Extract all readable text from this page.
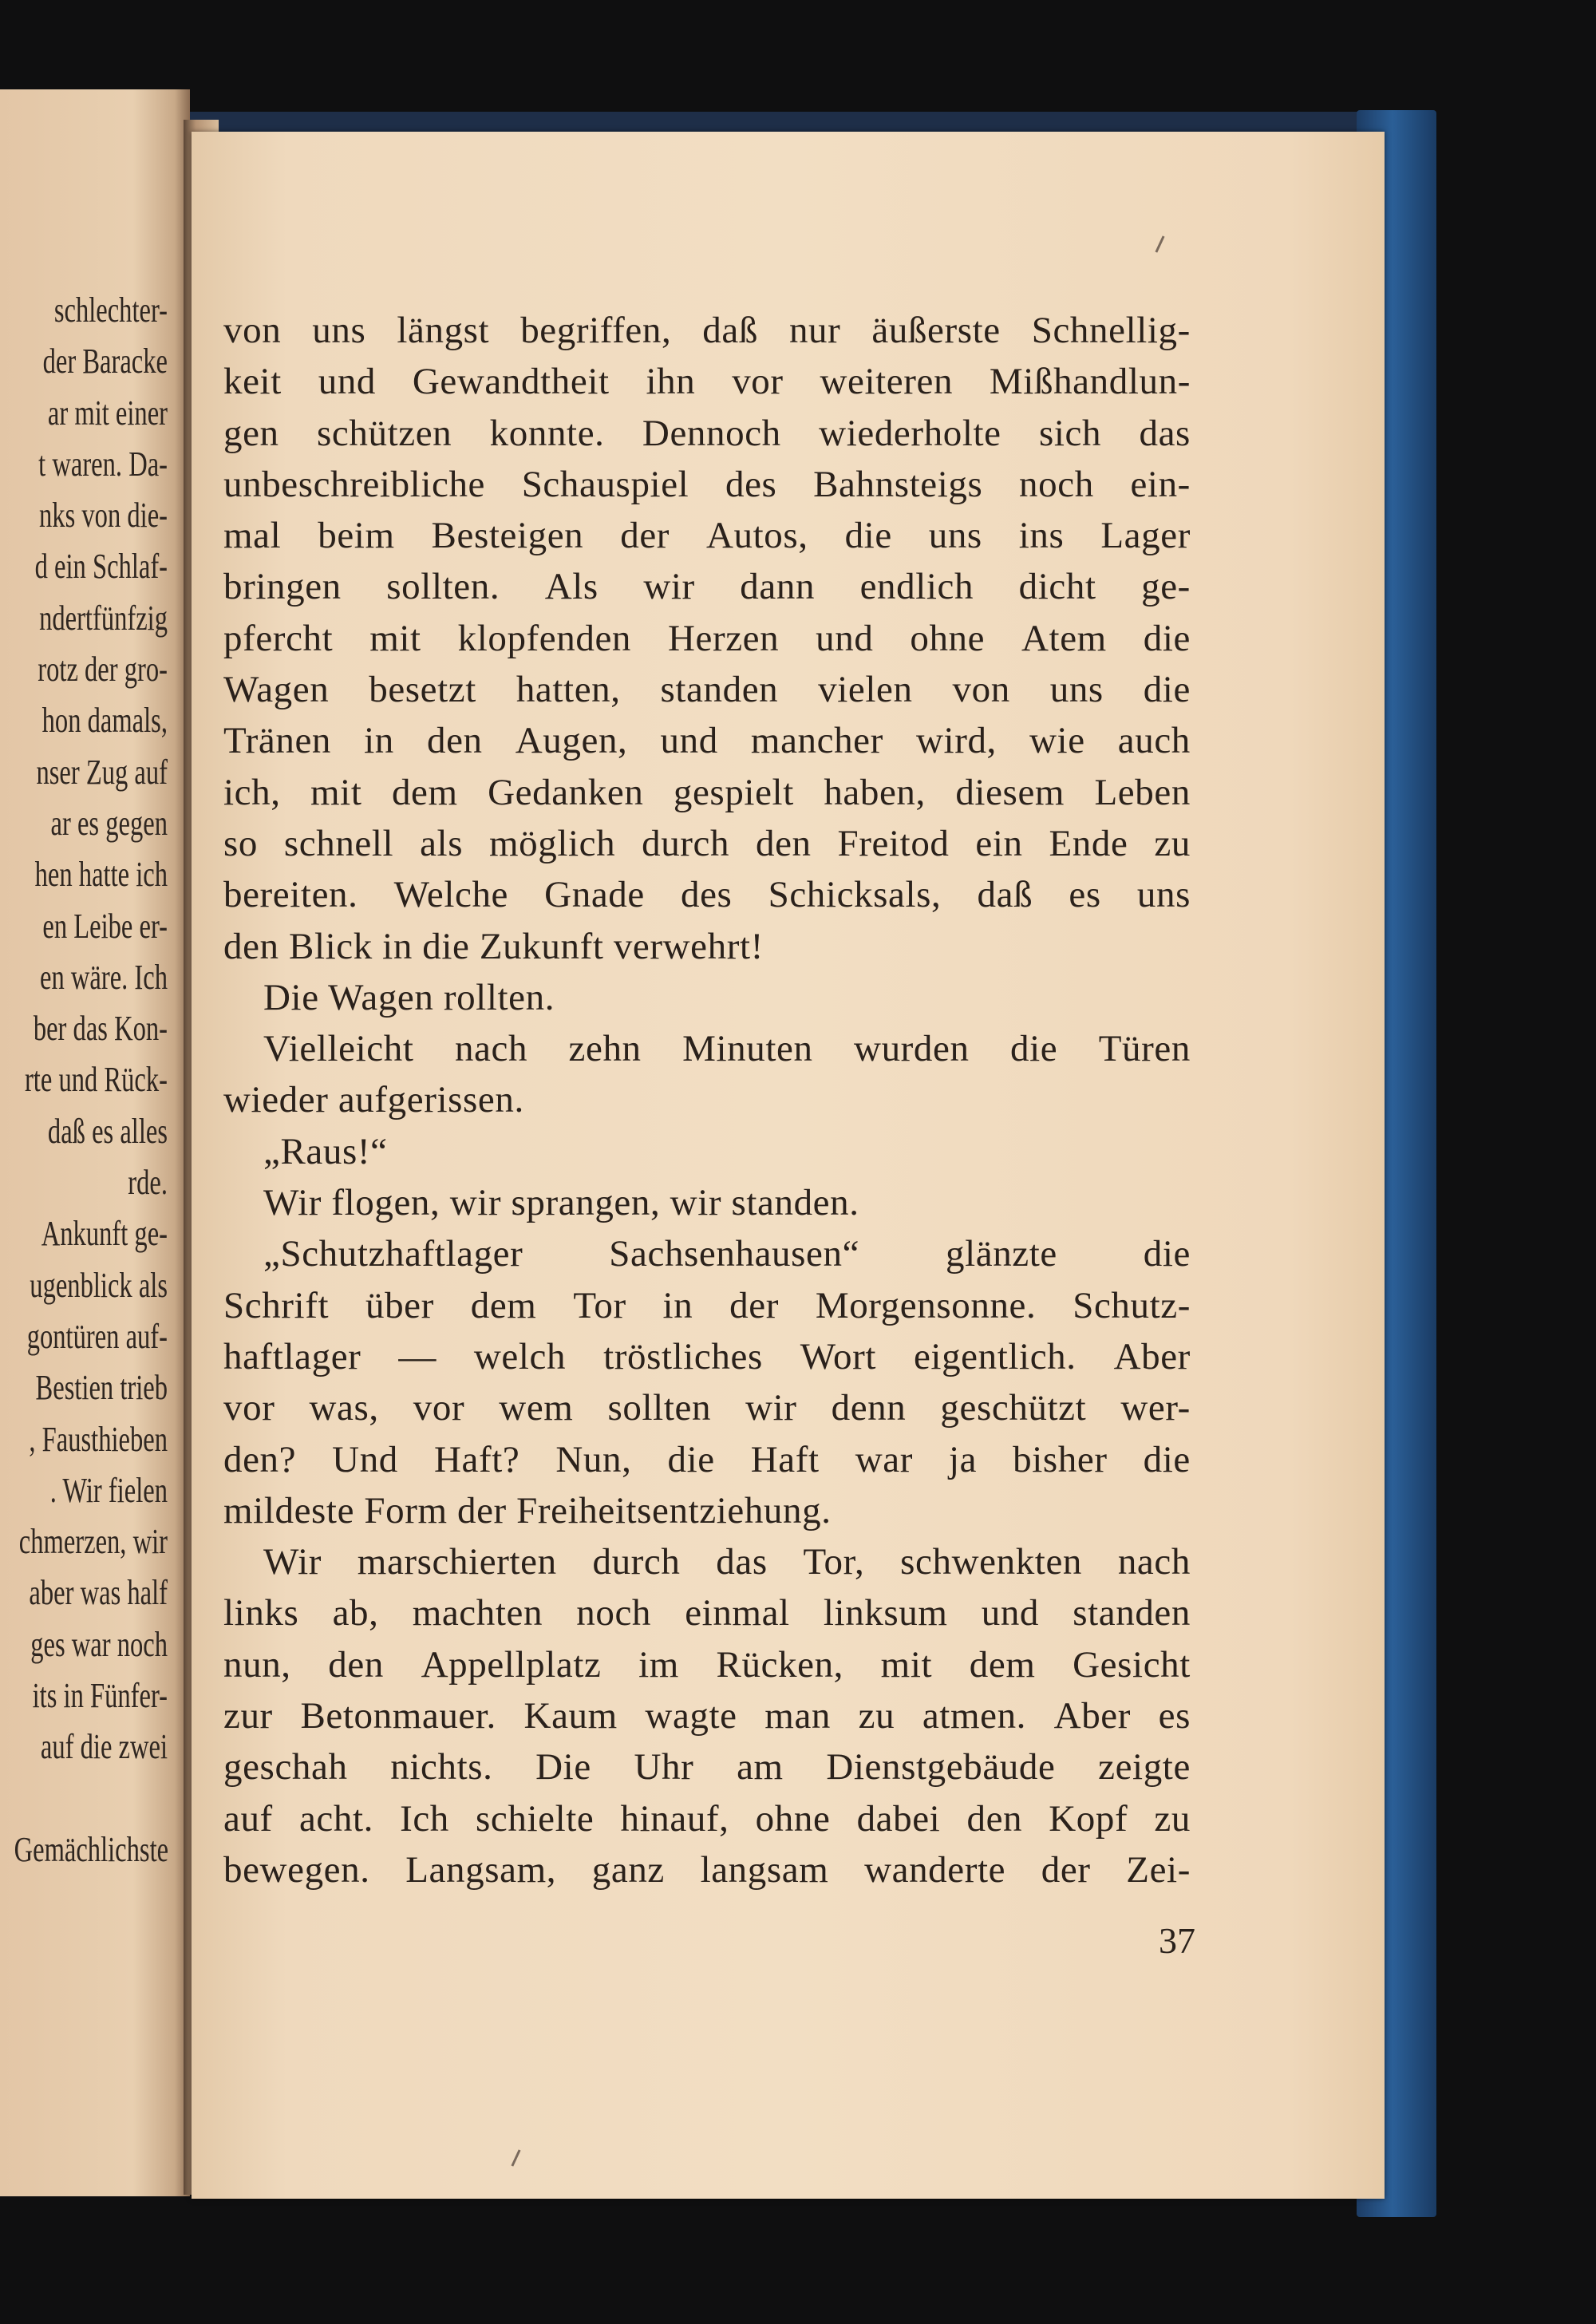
schlechter-
der Baracke
ar mit einer
t waren. Da-
nks von die-
d ein Schlaf-
ndertfünfzig
rotz der gro-
hon damals,
nser Zug auf
ar es gegen
hen hatte ich
en Leibe er-
en wäre. Ich
ber das Kon-
rte und Rück-
daß es alles
rde.
Ankunft ge-
ugenblick als
gontüren auf-
Bestien trieb
, Fausthieben
. Wir fielen
chmerzen, wir
aber was half
ges war noch
its in Fünfer-
auf die zwei

Gemächlichste
von uns längst begriffen, daß nur äußerste Schnellig-
keit und Gewandtheit ihn vor weiteren Mißhandlun-
gen schützen konnte. Dennoch wiederholte sich das
unbeschreibliche Schauspiel des Bahnsteigs noch ein-
mal beim Besteigen der Autos, die uns ins Lager
bringen sollten. Als wir dann endlich dicht ge-
pfercht mit klopfenden Herzen und ohne Atem die
Wagen besetzt hatten, standen vielen von uns die
Tränen in den Augen, und mancher wird, wie auch
ich, mit dem Gedanken gespielt haben, diesem Leben
so schnell als möglich durch den Freitod ein Ende zu
bereiten. Welche Gnade des Schicksals, daß es uns
den Blick in die Zukunft verwehrt!
Die Wagen rollten.
Vielleicht nach zehn Minuten wurden die Türen
wieder aufgerissen.
„Raus!“
Wir flogen, wir sprangen, wir standen.
„Schutzhaftlager Sachsenhausen“ glänzte die
Schrift über dem Tor in der Morgensonne. Schutz-
haftlager — welch tröstliches Wort eigentlich. Aber
vor was, vor wem sollten wir denn geschützt wer-
den? Und Haft? Nun, die Haft war ja bisher die
mildeste Form der Freiheitsentziehung.
Wir marschierten durch das Tor, schwenkten nach
links ab, machten noch einmal linksum und standen
nun, den Appellplatz im Rücken, mit dem Gesicht
zur Betonmauer. Kaum wagte man zu atmen. Aber es
geschah nichts. Die Uhr am Dienstgebäude zeigte
auf acht. Ich schielte hinauf, ohne dabei den Kopf zu
bewegen. Langsam, ganz langsam wanderte der Zei-
37
